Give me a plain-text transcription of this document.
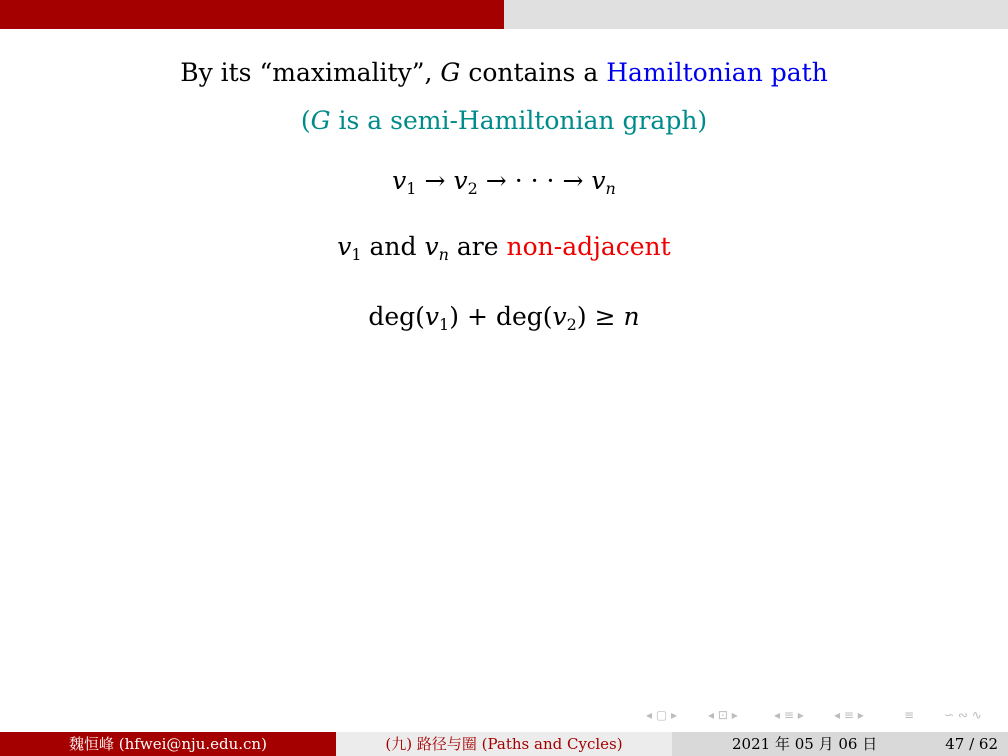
By its “maximality”, G contains a Hamiltonian path
(G is a semi-Hamiltonian graph)
$v_1 \to v_2$ → · · · → $v_n$
$v_1$ and $v_n$ are non-adjacent
$deg(v_1) + deg(v_2) \ge n$
◂ ▢ ▸	◂ ⊡ ▸	◂ ≡ ▸	◂ ≡ ▸	≡ ∽ ∾ ∿
魏恒峰 (hfwei@nju.edu.cn)	(九) 路径与圈 (Paths and Cycles)	2021 年 05 月 06 日	47 / 62
